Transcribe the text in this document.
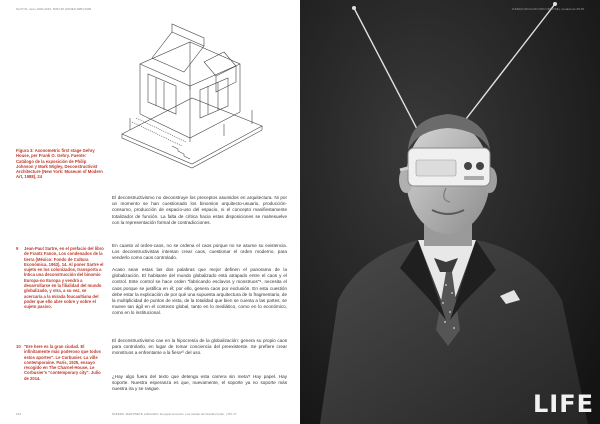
SLOT.01, deco 2000-2019, ISSN ## HOMEN ISBN 9999
Figura 3: Axonometric first stage Gehry House, per Frank O. Gehry. Fuente: Catálogo de la exposición de Philip Johnson y Mark Wigley, Deconstructivist Architecture (New York: Museum of Modern Art, 1988), 24
9 Jean-Paul Sartre, en el prefacio del libro de Frantz Fanon, Los condenados de la tierra (México: Fondo de Cultura Económica, 1963), 14. Al poner Sartre el sujeto en los colonizados, transporta a Íntica una deconstrucción del binomio Europa-no Europa y vendrá a desarrollarse en la filialidad del mundo globalizado, y otra, a su vez, se acercaría a la mirada foucaultiana del poder que ello abre sobre y sobre el sujeto pasivo.
10 "Ere here es la gran ciudad. El infinitamente más poderoso que todos estos aportes". Le Corbusier. La ville contemporaine. París, 1925, ensayo recogido en The Charnel-House, Le Corbusier's "contemporary city". Julio de 2014.
El deconstructivismo no deconstruye los preceptos asumidos en arquitectura. Ni por un momento se han cuestionado los binomios arquitecto-usuario, producción-consumo, producción de espacio-uso del espacio, ni el concepto manifiestamente totalizador de función. La falta de crítica hacia estas disposiciones se malresuelve con la representación formal de contradicciones.
En cuanto al orden-caos, no se ordena el caos porque no se asume su existencia. Los deconstructivistas intentan crear caos, cuestionar el orden moderno, para venderlo como caos controlado.
Acaso sean estas las dos palabras que mejor definen el panorama de la globalización. El habitante del mundo globalizado está atrapado entre el caos y el control. Este control se hace orden "fabricando esclavos y monstruos"⁹, necesita el caos porque se justifica en él; por ello, genera caos por exclusión. En esta cuestión debe estar la explicación de por qué una supuesta arquitectura de lo fragmentario, de la multiplicidad de puntos de vista, de la totalidad que bien se cuenta a las partes, se mueve tan ágil en el contexto global, tanto en lo mediático, como en lo económico, como en lo institucional.
El deconstructivismo cae en la hipocresía de la globalización: genera su propio caos para controlarlo, en lugar de tomar conciencia del preexistente. Se prefiere crear monstruos a enfrentarse a la fiera¹⁰ del uso.
¿Hay algo fuera del texto que detenga esta carrera sin meta? Hay papel. Hay soporte. Nuestra esperanza es que, nuevamente, el soporte ya no soporte más nuestra ira y se rasgue.
164	PAPERS. MARTINETE LARGUEO. El papel envuelve. Las aristas del Frankfurt plan. | 157-17
JUDERA ## DA ## NOM ORMOSE | vesakta do ##.##
LIFE
